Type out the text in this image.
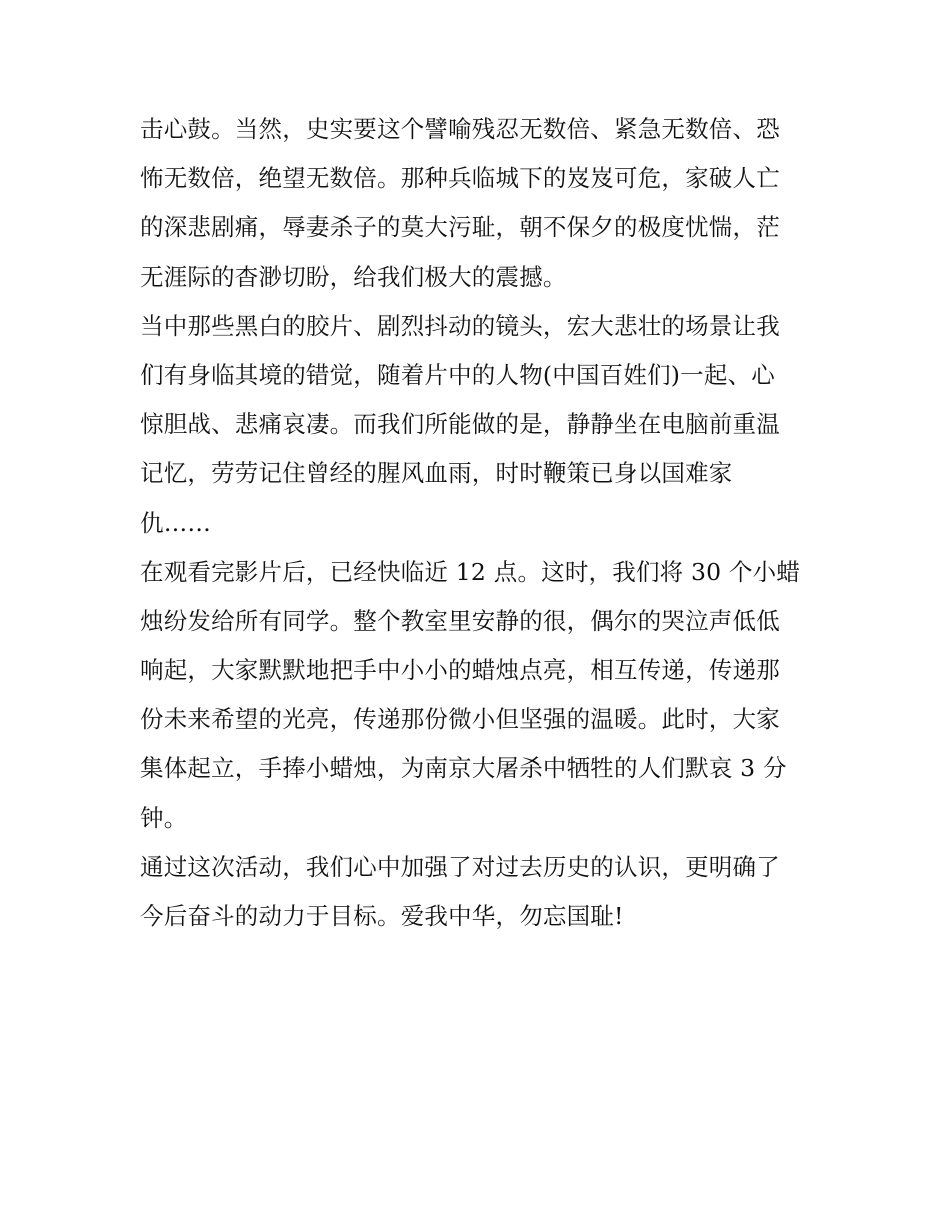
击心鼓。当然，史实要这个譬喻残忍无数倍、紧急无数倍、恐
怖无数倍，绝望无数倍。那种兵临城下的岌岌可危，家破人亡
的深悲剧痛，辱妻杀子的莫大污耻，朝不保夕的极度忧惴，茫
无涯际的杳渺切盼，给我们极大的震撼。
当中那些黑白的胶片、剧烈抖动的镜头，宏大悲壮的场景让我
们有身临其境的错觉，随着片中的人物(中国百姓们)一起、心
惊胆战、悲痛哀凄。而我们所能做的是，静静坐在电脑前重温
记忆，劳劳记住曾经的腥风血雨，时时鞭策已身以国难家
仇……
在观看完影片后，已经快临近 12 点。这时，我们将 30 个小蜡
烛纷发给所有同学。整个教室里安静的很，偶尔的哭泣声低低
响起，大家默默地把手中小小的蜡烛点亮，相互传递，传递那
份未来希望的光亮，传递那份微小但坚强的温暖。此时，大家
集体起立，手捧小蜡烛，为南京大屠杀中牺牲的人们默哀 3 分
钟。
通过这次活动，我们心中加强了对过去历史的认识，更明确了
今后奋斗的动力于目标。爱我中华，勿忘国耻!
